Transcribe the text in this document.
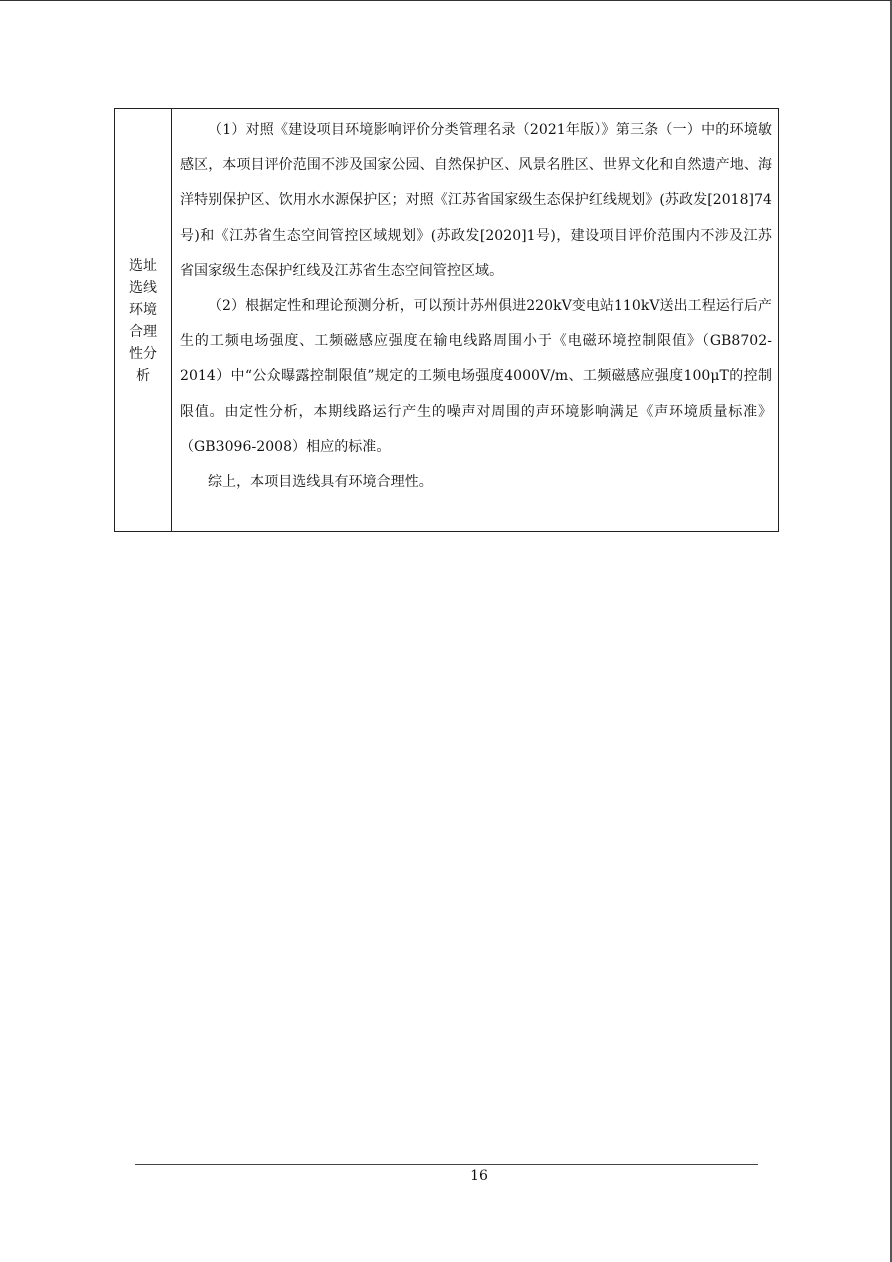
选址选线环境合理性分析

（1）对照《建设项目环境影响评价分类管理名录（2021年版）》第三条（一）中的环境敏感区，本项目评价范围不涉及国家公园、自然保护区、风景名胜区、世界文化和自然遗产地、海洋特别保护区、饮用水水源保护区；对照《江苏省国家级生态保护红线规划》(苏政发[2018]74号)和《江苏省生态空间管控区域规划》(苏政发[2020]1号)，建设项目评价范围内不涉及江苏省国家级生态保护红线及江苏省生态空间管控区域。

（2）根据定性和理论预测分析，可以预计苏州俱进220kV变电站110kV送出工程运行后产生的工频电场强度、工频磁感应强度在输电线路周围小于《电磁环境控制限值》（GB8702-2014）中“公众曝露控制限值”规定的工频电场强度4000V/m、工频磁感应强度100μT的控制限值。由定性分析，本期线路运行产生的噪声对周围的声环境影响满足《声环境质量标准》（GB3096-2008）相应的标准。

综上，本项目选线具有环境合理性。

16
